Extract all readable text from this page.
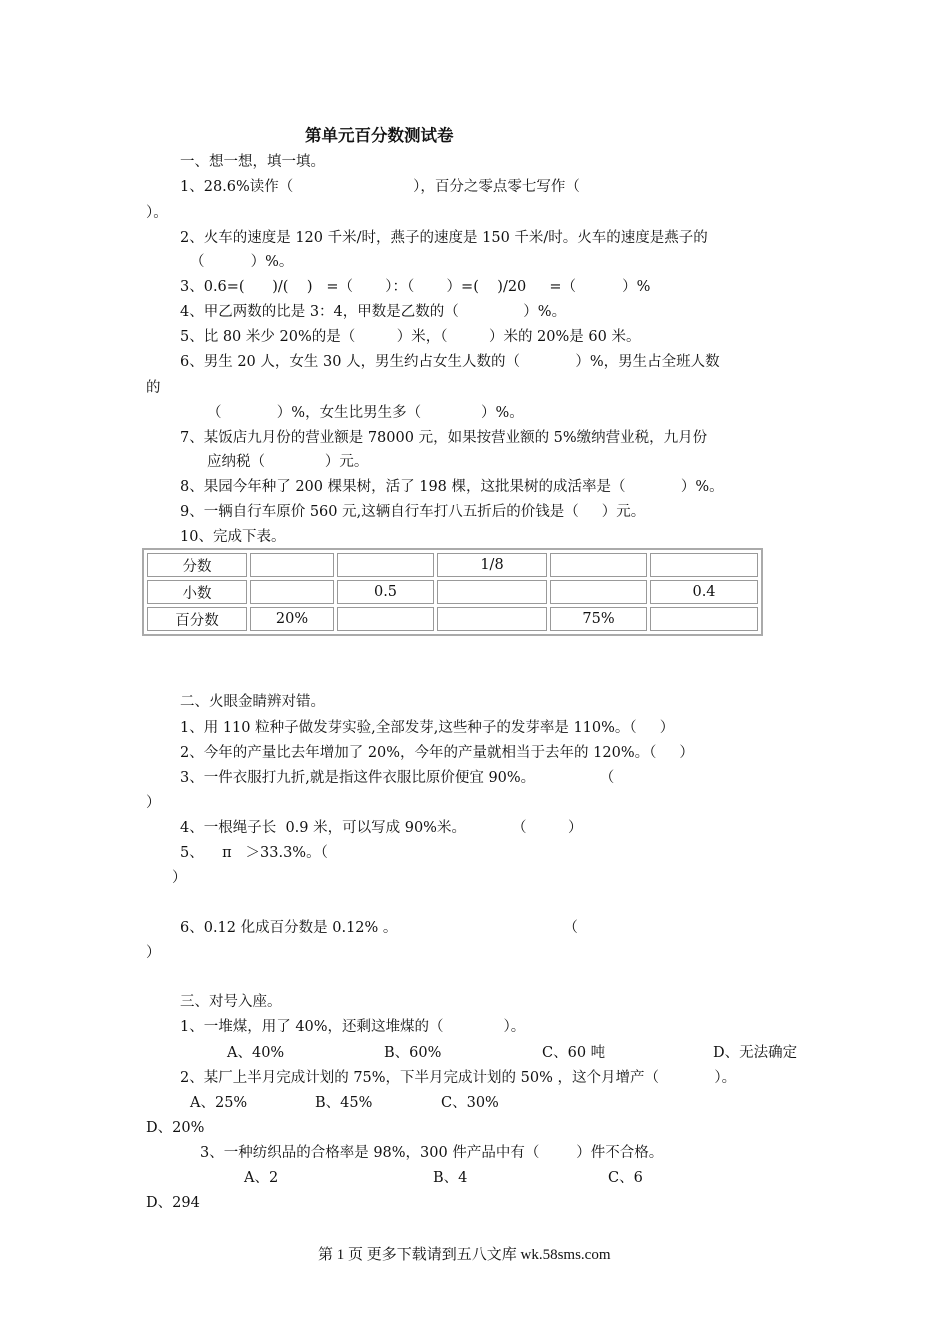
第单元百分数测试卷
一、想一想，填一填。
1、28.6%读作（                          ），百分之零点零七写作（
）。
2、火车的速度是 120 千米/时，燕子的速度是 150 千米/时。火车的速度是燕子的
（          ）%。
3、0.6=(      )/(    )   =（       ）：（       ）=(    )/20     =（          ）%
4、甲乙两数的比是 3：4，甲数是乙数的（              ）%。
5、比 80 米少 20%的是（         ）米，（         ）米的 20%是 60 米。
6、男生 20 人，女生 30 人，男生约占女生人数的（            ）%，男生占全班人数
的
（            ）%，女生比男生多（             ）%。
7、某饭店九月份的营业额是 78000 元，如果按营业额的 5%缴纳营业税，九月份
应纳税（             ）元。
8、果园今年种了 200 棵果树，活了 198 棵，这批果树的成活率是（            ）%。
9、一辆自行车原价 560 元,这辆自行车打八五折后的价钱是（     ）元。
10、完成下表。
分数			1/8		
小数		0.5			0.4
百分数	20%			75%	
二、火眼金睛辨对错。
1、用 110 粒种子做发芽实验,全部发芽,这些种子的发芽率是 110%。（     ）
2、今年的产量比去年增加了 20%，今年的产量就相当于去年的 120%。（     ）
3、一件衣服打九折,就是指这件衣服比原价便宜 90%。              （
）
4、一根绳子长  0.9 米，可以写成 90%米。          （         ）
5、    π   ＞33.3%。（
）
6、0.12 化成百分数是 0.12% 。                                    （
）
三、对号入座。
1、一堆煤，用了 40%，还剩这堆煤的（             ）。
A、40%	B、60%	C、60 吨	D、无法确定
2、某厂上半月完成计划的 75%，下半月完成计划的 50% ，这个月增产（            ）。
A、25%	B、45%	C、30%
D、20%
3、一种纺织品的合格率是 98%，300 件产品中有（        ）件不合格。
A、2	B、4	C、6
D、294
第 1 页 更多下载请到五八文库 wk.58sms.com
